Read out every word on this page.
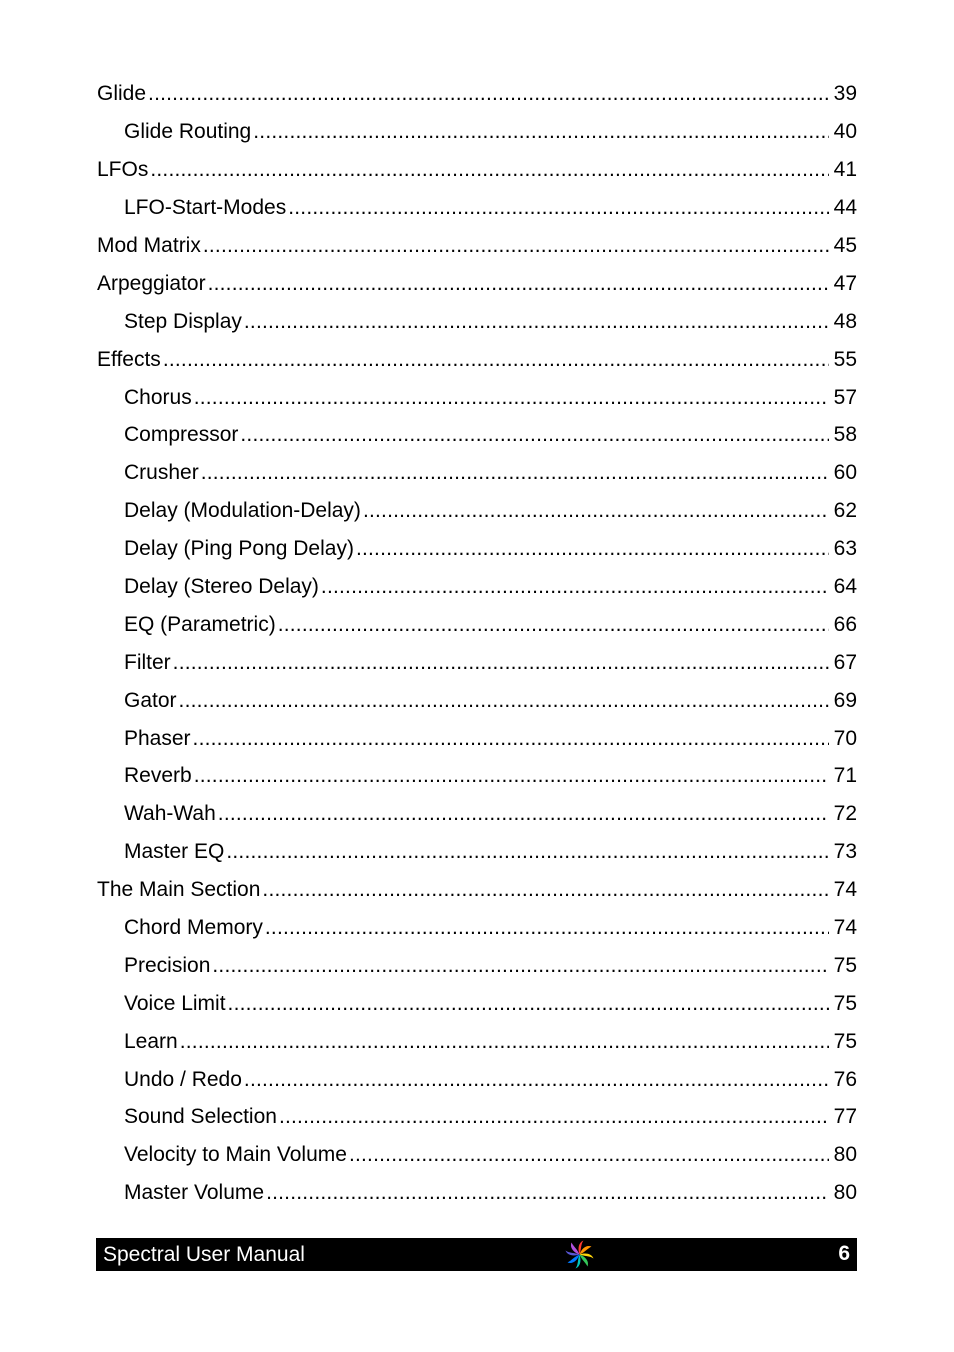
Glide .....	39
Glide Routing .....	40
LFOs .....	41
LFO-Start-Modes .....	44
Mod Matrix .....	45
Arpeggiator .....	47
Step Display .....	48
Effects .....	55
Chorus .....	57
Compressor .....	58
Crusher .....	60
Delay (Modulation-Delay) .....	62
Delay (Ping Pong Delay) .....	63
Delay (Stereo Delay) .....	64
EQ (Parametric) .....	66
Filter .....	67
Gator .....	69
Phaser .....	70
Reverb .....	71
Wah-Wah .....	72
Master EQ .....	73
The Main Section .....	74
Chord Memory .....	74
Precision .....	75
Voice Limit .....	75
Learn .....	75
Undo / Redo .....	76
Sound Selection .....	77
Velocity to Main Volume .....	80
Master Volume .....	80
Spectral User Manual	6
